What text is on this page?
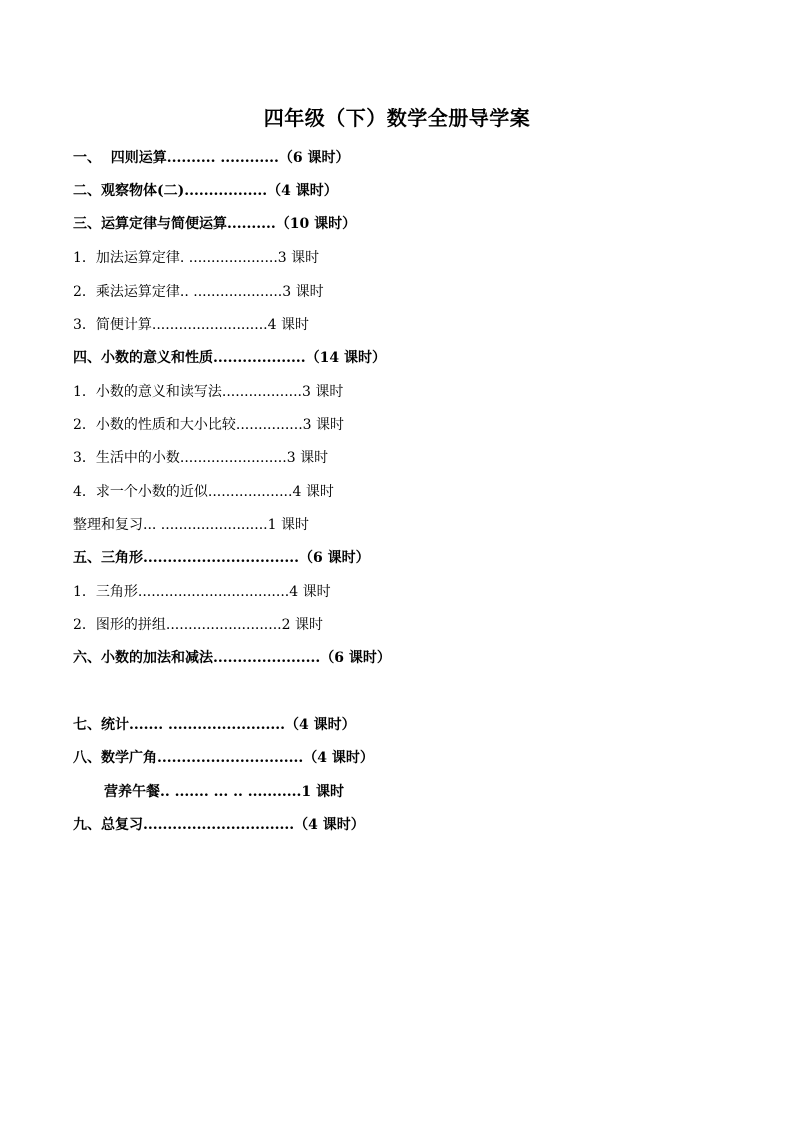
四年级（下）数学全册导学案
一、  四则运算.......... ............（6 课时）
二、观察物体(二).................（4 课时）
三、运算定律与简便运算..........（10 课时）
1．加法运算定律. ....................3 课时
2．乘法运算定律.. ....................3 课时
3．简便计算..........................4 课时
四、小数的意义和性质...................（14 课时）
1．小数的意义和读写法..................3 课时
2．小数的性质和大小比较...............3 课时
3．生活中的小数........................3 课时
4．求一个小数的近似...................4 课时
整理和复习... ........................1 课时
五、三角形................................（6 课时）
1．三角形..................................4 课时
2．图形的拼组..........................2 课时
六、小数的加法和减法......................（6 课时）
七、统计....... ........................（4 课时）
八、数学广角..............................（4 课时）
营养午餐.. ....... ... .. ...........1 课时
九、总复习...............................（4 课时）
